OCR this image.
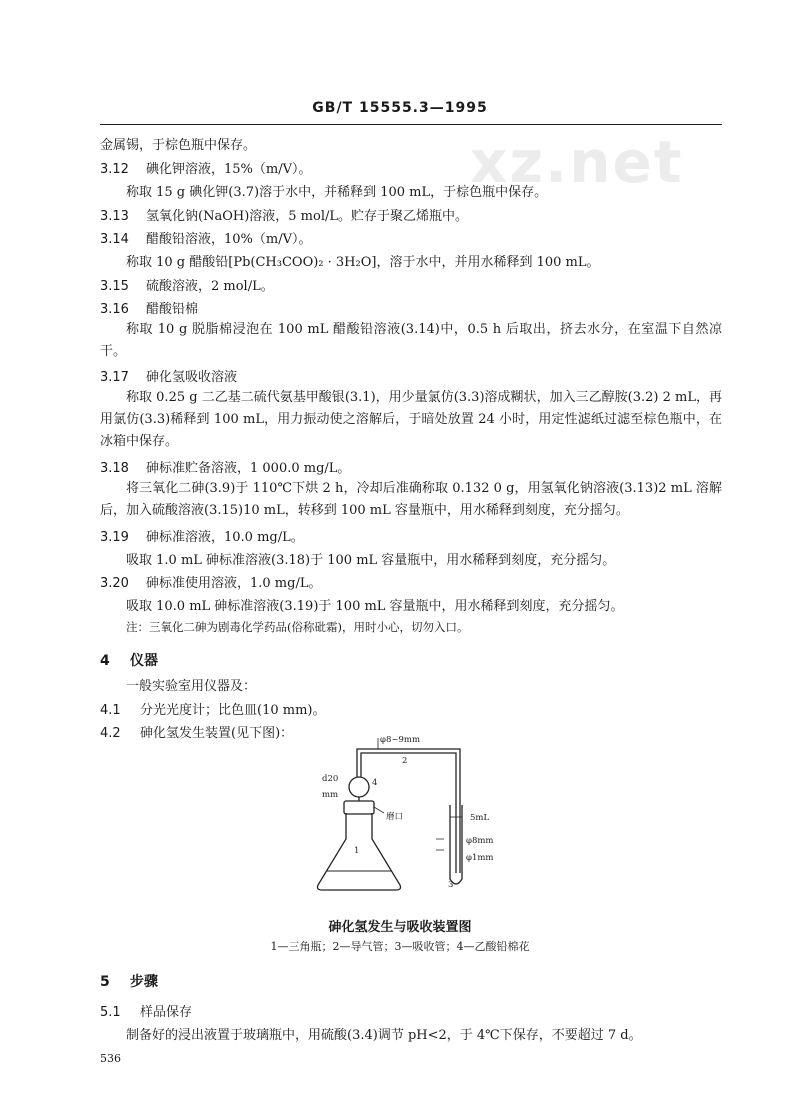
GB/T 15555.3—1995
xz.net
金属锡，于棕色瓶中保存。
3.12 碘化钾溶液，15%（m/V）。
称取 15 g 碘化钾(3.7)溶于水中，并稀释到 100 mL，于棕色瓶中保存。
3.13 氢氧化钠(NaOH)溶液，5 mol/L。贮存于聚乙烯瓶中。
3.14 醋酸铅溶液，10%（m/V）。
称取 10 g 醋酸铅[Pb(CH₃COO)₂ · 3H₂O]，溶于水中，并用水稀释到 100 mL。
3.15 硫酸溶液，2 mol/L。
3.16 醋酸铅棉
称取 10 g 脱脂棉浸泡在 100 mL 醋酸铅溶液(3.14)中，0.5 h 后取出，挤去水分，在室温下自然凉干。
3.17 砷化氢吸收溶液
称取 0.25 g 二乙基二硫代氨基甲酸银(3.1)，用少量氯仿(3.3)溶成糊状，加入三乙醇胺(3.2) 2 mL，再用氯仿(3.3)稀释到 100 mL，用力振动使之溶解后，于暗处放置 24 小时，用定性滤纸过滤至棕色瓶中，在冰箱中保存。
3.18 砷标准贮备溶液，1 000.0 mg/L。
将三氧化二砷(3.9)于 110℃下烘 2 h，冷却后准确称取 0.132 0 g，用氢氧化钠溶液(3.13)2 mL 溶解后，加入硫酸溶液(3.15)10 mL，转移到 100 mL 容量瓶中，用水稀释到刻度，充分摇匀。
3.19 砷标准溶液，10.0 mg/L。
吸取 1.0 mL 砷标准溶液(3.18)于 100 mL 容量瓶中，用水稀释到刻度，充分摇匀。
3.20 砷标准使用溶液，1.0 mg/L。
吸取 10.0 mL 砷标准溶液(3.19)于 100 mL 容量瓶中，用水稀释到刻度，充分摇匀。
注：三氧化二砷为剧毒化学药品(俗称砒霜)，用时小心，切勿入口。
4 仪器
一般实验室用仪器及：
4.1 分光光度计；比色皿(10 mm)。
4.2 砷化氢发生装置(见下图)：	φ8~9mm
2
d20
mm
4
磨口
1
5mL
φ8mm
φ1mm
3
砷化氢发生与吸收装置图
1—三角瓶；2—导气管；3—吸收管；4—乙酸铅棉花
5 步骤
5.1 样品保存
制备好的浸出液置于玻璃瓶中，用硫酸(3.4)调节 pH<2，于 4℃下保存，不要超过 7 d。
536
